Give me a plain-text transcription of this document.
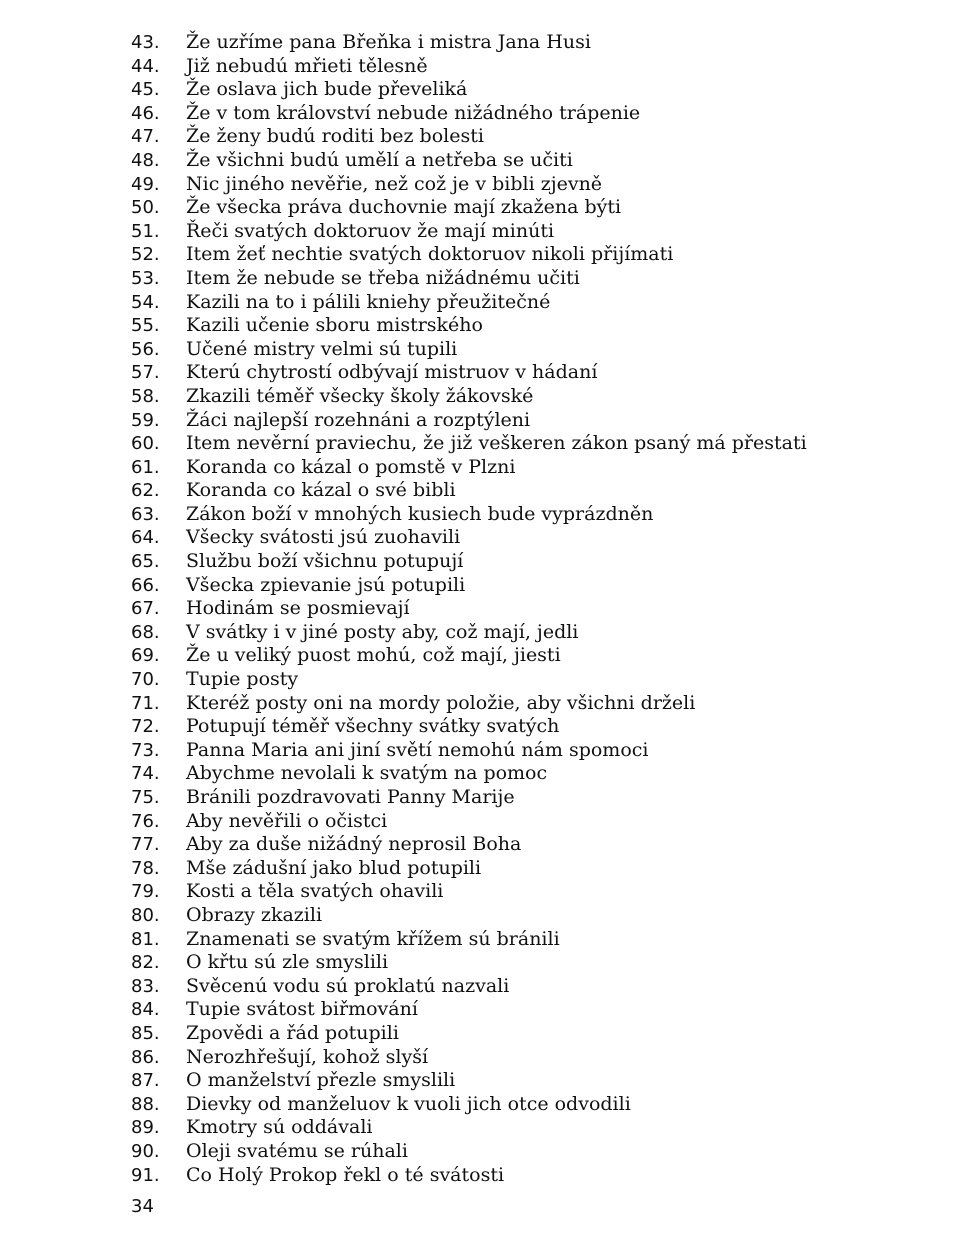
43. Že uzříme pana Břeňka i mistra Jana Husi
44. Již nebudú mřieti tělesně
45. Že oslava jich bude převeliká
46. Že v tom království nebude nižádného trápenie
47. Že ženy budú roditi bez bolesti
48. Že všichni budú umělí a netřeba se učiti
49. Nic jiného nevěřie, než což je v bibli zjevně
50. Že všecka práva duchovnie mají zkažena býti
51. Řeči svatých doktoruov že mají minúti
52. Item žeť nechtie svatých doktoruov nikoli přijímati
53. Item že nebude se třeba nižádnému učiti
54. Kazili na to i pálili kniehy přeužitečné
55. Kazili učenie sboru mistrského
56. Učené mistry velmi sú tupili
57. Kterú chytrostí odbývají mistruov v hádaní
58. Zkazili téměř všecky školy žákovské
59. Žáci najlepší rozehnáni a rozptýleni
60. Item nevěrní praviechu, že již veškeren zákon psaný má přestati
61. Koranda co kázal o pomstě v Plzni
62. Koranda co kázal o své bibli
63. Zákon boží v mnohých kusiech bude vyprázdněn
64. Všecky svátosti jsú zuohavili
65. Službu boží všichnu potupují
66. Všecka zpievanie jsú potupili
67. Hodinám se posmievají
68. V svátky i v jiné posty aby, což mají, jedli
69. Že u veliký puost mohú, což mají, jiesti
70. Tupie posty
71. Kteréž posty oni na mordy položie, aby všichni drželi
72. Potupují téměř všechny svátky svatých
73. Panna Maria ani jiní světí nemohú nám spomoci
74. Abychme nevolali k svatým na pomoc
75. Bránili pozdravovati Panny Marije
76. Aby nevěřili o očistci
77. Aby za duše nižádný neprosil Boha
78. Mše zádušní jako blud potupili
79. Kosti a těla svatých ohavili
80. Obrazy zkazili
81. Znamenati se svatým křížem sú bránili
82. O křtu sú zle smyslili
83. Svěcenú vodu sú proklatú nazvali
84. Tupie svátost biřmování
85. Zpovědi a řád potupili
86. Nerozhřešují, kohož slyší
87. O manželství přezle smyslili
88. Dievky od manželuov k vuoli jich otce odvodili
89. Kmotry sú oddávali
90. Oleji svatému se rúhali
91. Co Holý Prokop řekl o té svátosti
34
